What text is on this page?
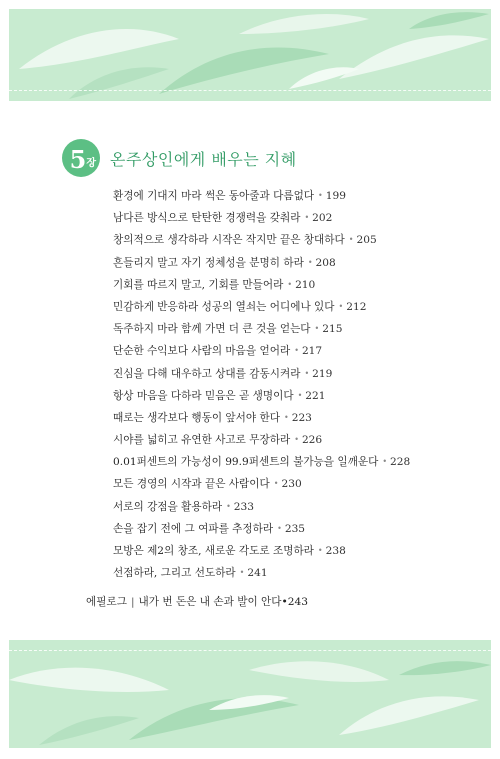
5 장 온주상인에게 배우는 지혜
환경에 기대지 마라 썩은 동아줄과 다름없다 • 199
남다른 방식으로 탄탄한 경쟁력을 갖춰라 • 202
창의적으로 생각하라 시작은 작지만 끝은 창대하다 • 205
흔들리지 말고 자기 정체성을 분명히 하라 • 208
기회를 따르지 말고, 기회를 만들어라 • 210
민감하게 반응하라 성공의 열쇠는 어디에나 있다 • 212
독주하지 마라 함께 가면 더 큰 것을 얻는다 • 215
단순한 수익보다 사람의 마음을 얻어라 • 217
진심을 다해 대우하고 상대를 감동시켜라 • 219
항상 마음을 다하라 믿음은 곧 생명이다 • 221
때로는 생각보다 행동이 앞서야 한다 • 223
시야를 넓히고 유연한 사고로 무장하라 • 226
0.01퍼센트의 가능성이 99.9퍼센트의 불가능을 일깨운다 • 228
모든 경영의 시작과 끝은 사람이다 • 230
서로의 강점을 활용하라 • 233
손을 잡기 전에 그 여파를 추정하라 • 235
모방은 제2의 창조, 새로운 각도로 조명하라 • 238
선점하라, 그리고 선도하라 • 241
에필로그 | 내가 번 돈은 내 손과 발이 안다•243
